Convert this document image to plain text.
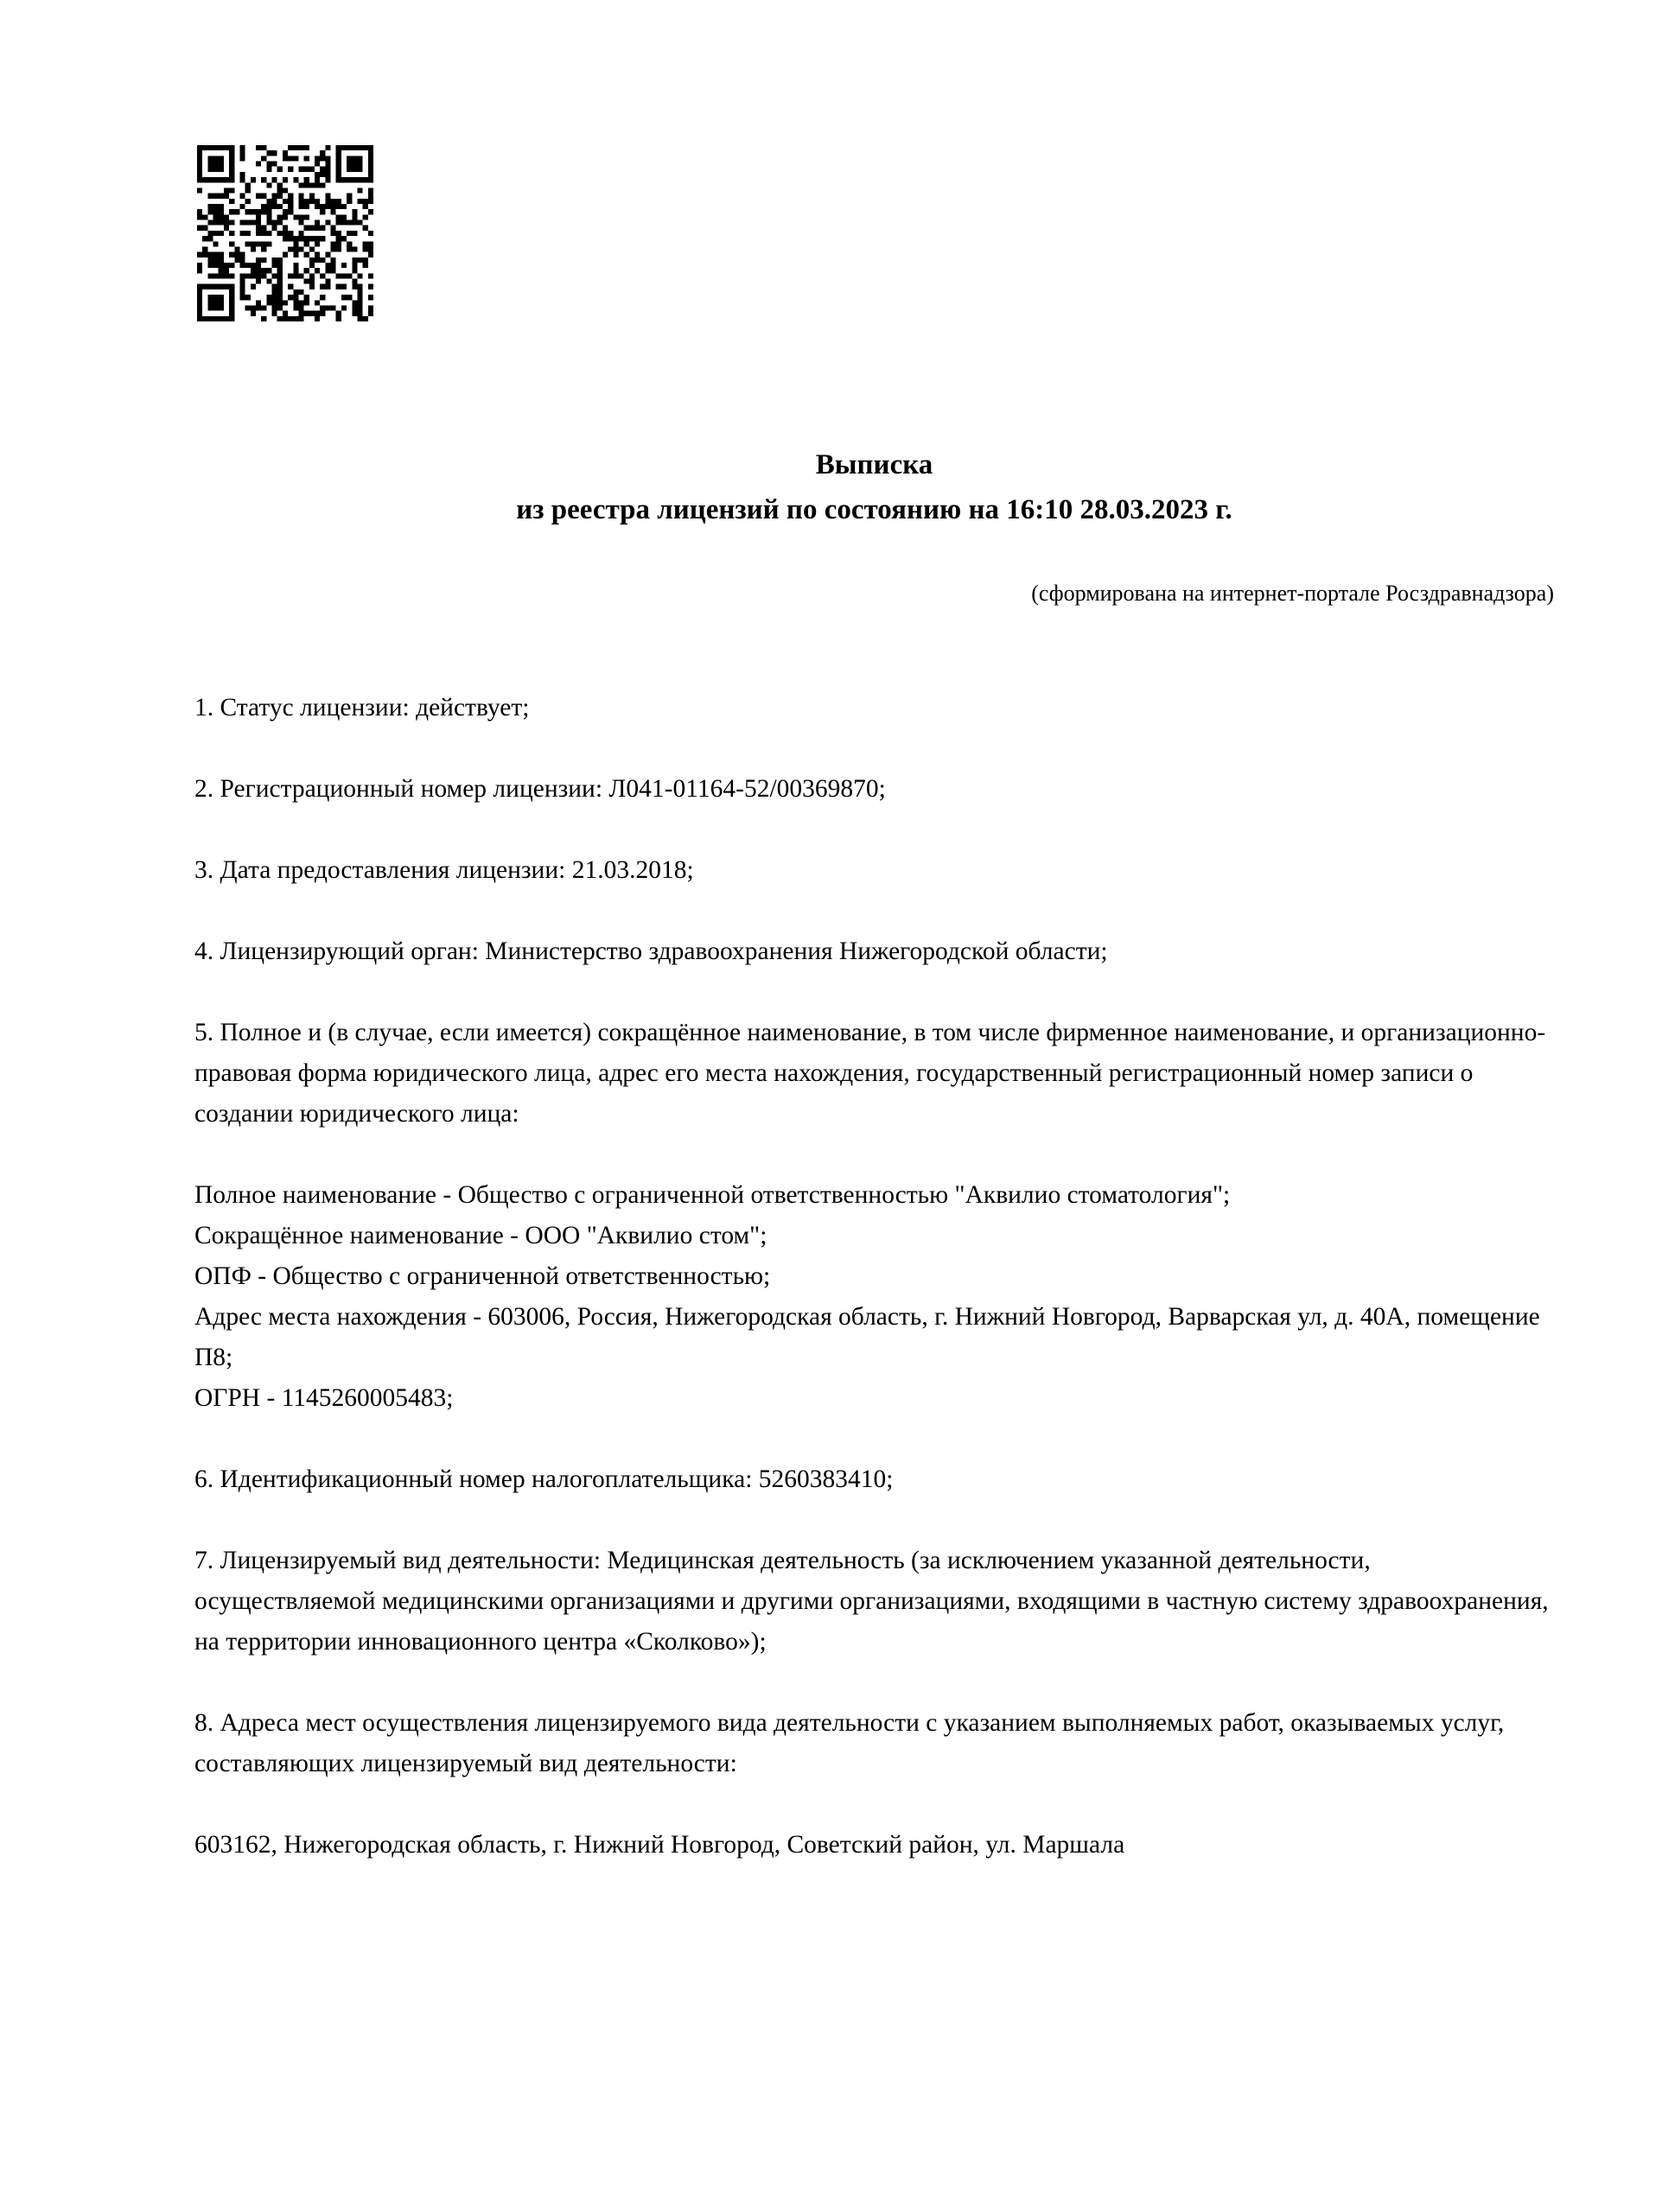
Выписка
из реестра лицензий по состоянию на 16:10 28.03.2023 г.
(сформирована на интернет-портале Росздравнадзора)

1. Статус лицензии: действует;

2. Регистрационный номер лицензии: Л041-01164-52/00369870;

3. Дата предоставления лицензии: 21.03.2018;

4. Лицензирующий орган: Министерство здравоохранения Нижегородской области;

5. Полное и (в случае, если имеется) сокращённое наименование, в том числе фирменное наименование, и организационно-правовая форма юридического лица, адрес его места нахождения, государственный регистрационный номер записи о создании юридического лица:

Полное наименование - Общество с ограниченной ответственностью "Аквилио стоматология";
Сокращённое наименование - ООО "Аквилио стом";
ОПФ - Общество с ограниченной ответственностью;
Адрес места нахождения - 603006, Россия, Нижегородская область, г. Нижний Новгород, Варварская ул, д. 40А, помещение П8;
ОГРН - 1145260005483;

6. Идентификационный номер налогоплательщика: 5260383410;

7. Лицензируемый вид деятельности: Медицинская деятельность (за исключением указанной деятельности, осуществляемой медицинскими организациями и другими организациями, входящими в частную систему здравоохранения, на территории инновационного центра «Сколково»);

8. Адреса мест осуществления лицензируемого вида деятельности с указанием выполняемых работ, оказываемых услуг, составляющих лицензируемый вид деятельности:

603162, Нижегородская область, г. Нижний Новгород, Советский район, ул. Маршала
